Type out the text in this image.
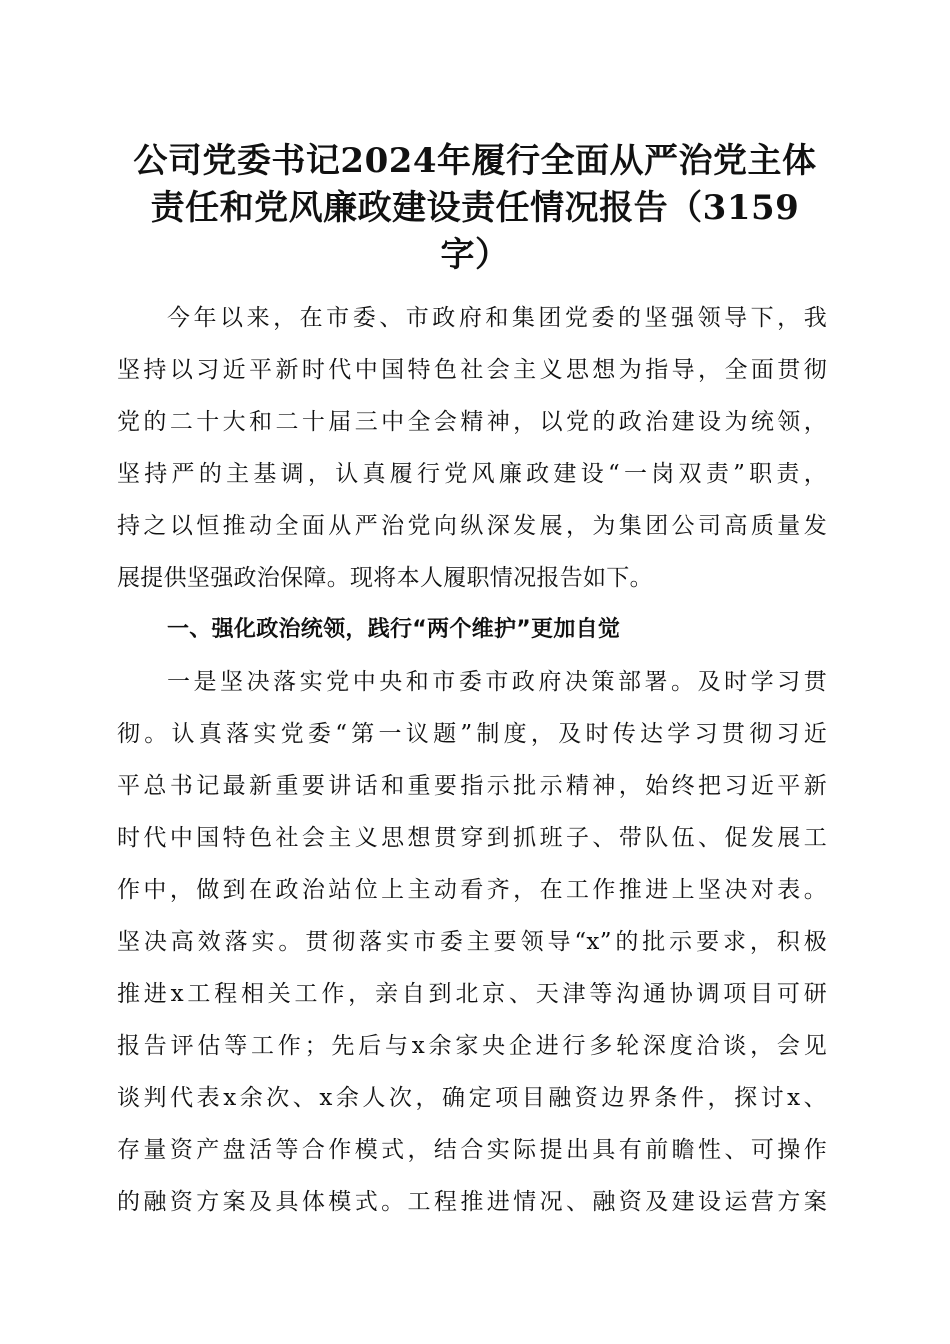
公司党委书记2024年履行全面从严治党主体
责任和党风廉政建设责任情况报告（3159
字）
今年以来，在市委、市政府和集团党委的坚强领导下，我
坚持以习近平新时代中国特色社会主义思想为指导，全面贯彻
党的二十大和二十届三中全会精神，以党的政治建设为统领，
坚持严的主基调，认真履行党风廉政建设“一岗双责”职责，
持之以恒推动全面从严治党向纵深发展，为集团公司高质量发
展提供坚强政治保障。现将本人履职情况报告如下。
一、强化政治统领，践行“两个维护”更加自觉
一是坚决落实党中央和市委市政府决策部署。及时学习贯
彻。认真落实党委“第一议题”制度，及时传达学习贯彻习近
平总书记最新重要讲话和重要指示批示精神，始终把习近平新
时代中国特色社会主义思想贯穿到抓班子、带队伍、促发展工
作中，做到在政治站位上主动看齐，在工作推进上坚决对表。
坚决高效落实。贯彻落实市委主要领导“x”的批示要求，积极
推进x工程相关工作，亲自到北京、天津等沟通协调项目可研
报告评估等工作；先后与x余家央企进行多轮深度洽谈，会见
谈判代表x余次、x余人次，确定项目融资边界条件，探讨x、
存量资产盘活等合作模式，结合实际提出具有前瞻性、可操作
的融资方案及具体模式。工程推进情况、融资及建设运营方案
